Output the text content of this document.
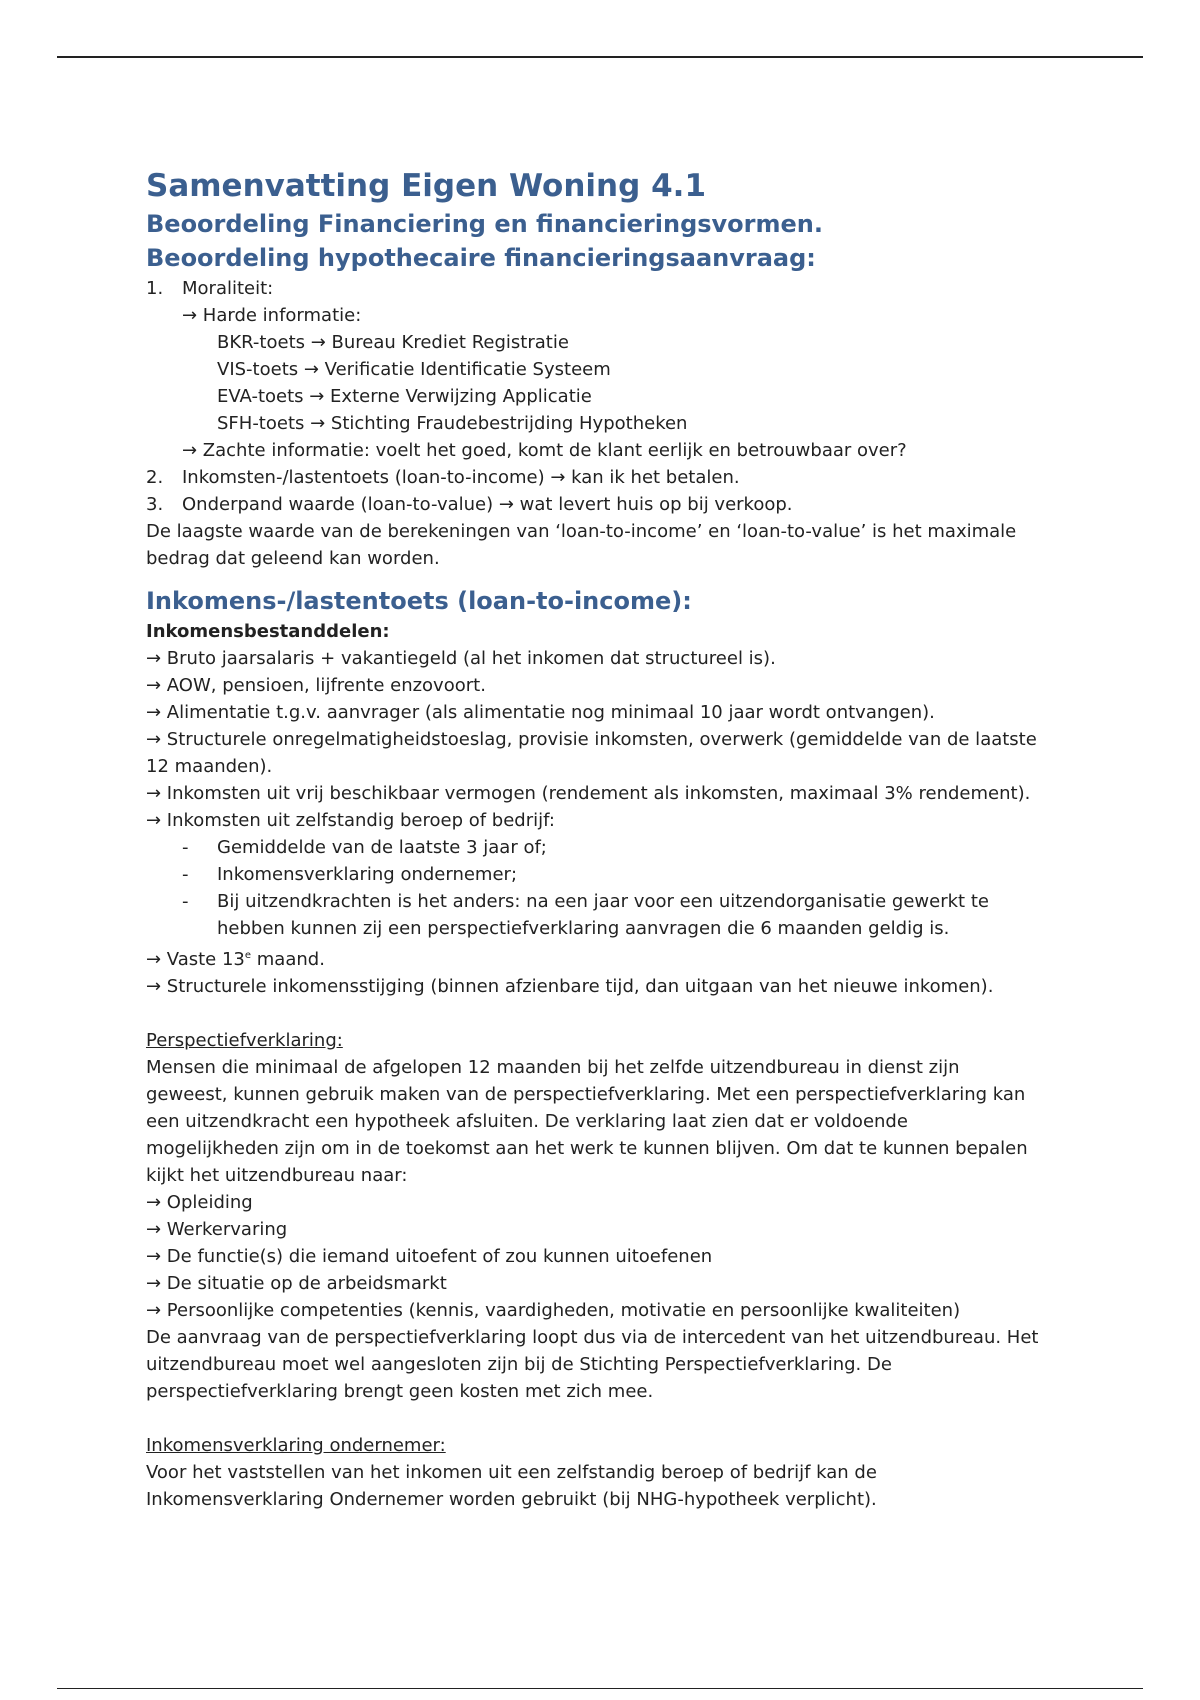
Samenvatting Eigen Woning 4.1
Beoordeling Financiering en financieringsvormen.
Beoordeling hypothecaire financieringsaanvraag:
1. Moraliteit:
→ Harde informatie:
BKR-toets → Bureau Krediet Registratie
VIS-toets → Verificatie Identificatie Systeem
EVA-toets → Externe Verwijzing Applicatie
SFH-toets → Stichting Fraudebestrijding Hypotheken
→ Zachte informatie: voelt het goed, komt de klant eerlijk en betrouwbaar over?
2. Inkomsten-/lastentoets (loan-to-income) → kan ik het betalen.
3. Onderpand waarde (loan-to-value) → wat levert huis op bij verkoop.
De laagste waarde van de berekeningen van ‘loan-to-income’ en ‘loan-to-value’ is het maximale bedrag dat geleend kan worden.
Inkomens-/lastentoets (loan-to-income):
Inkomensbestanddelen:
→ Bruto jaarsalaris + vakantiegeld (al het inkomen dat structureel is).
→ AOW, pensioen, lijfrente enzovoort.
→ Alimentatie t.g.v. aanvrager (als alimentatie nog minimaal 10 jaar wordt ontvangen).
→ Structurele onregelmatigheidstoeslag, provisie inkomsten, overwerk (gemiddelde van de laatste 12 maanden).
→ Inkomsten uit vrij beschikbaar vermogen (rendement als inkomsten, maximaal 3% rendement).
→ Inkomsten uit zelfstandig beroep of bedrijf:
- Gemiddelde van de laatste 3 jaar of;
- Inkomensverklaring ondernemer;
- Bij uitzendkrachten is het anders: na een jaar voor een uitzendorganisatie gewerkt te hebben kunnen zij een perspectiefverklaring aanvragen die 6 maanden geldig is.
→ Vaste 13e maand.
→ Structurele inkomensstijging (binnen afzienbare tijd, dan uitgaan van het nieuwe inkomen).
Perspectiefverklaring:
Mensen die minimaal de afgelopen 12 maanden bij het zelfde uitzendbureau in dienst zijn geweest, kunnen gebruik maken van de perspectiefverklaring. Met een perspectiefverklaring kan een uitzendkracht een hypotheek afsluiten. De verklaring laat zien dat er voldoende mogelijkheden zijn om in de toekomst aan het werk te kunnen blijven. Om dat te kunnen bepalen kijkt het uitzendbureau naar:
→ Opleiding
→ Werkervaring
→ De functie(s) die iemand uitoefent of zou kunnen uitoefenen
→ De situatie op de arbeidsmarkt
→ Persoonlijke competenties (kennis, vaardigheden, motivatie en persoonlijke kwaliteiten)
De aanvraag van de perspectiefverklaring loopt dus via de intercedent van het uitzendbureau. Het uitzendbureau moet wel aangesloten zijn bij de Stichting Perspectiefverklaring. De perspectiefverklaring brengt geen kosten met zich mee.
Inkomensverklaring ondernemer:
Voor het vaststellen van het inkomen uit een zelfstandig beroep of bedrijf kan de Inkomensverklaring Ondernemer worden gebruikt (bij NHG-hypotheek verplicht).
